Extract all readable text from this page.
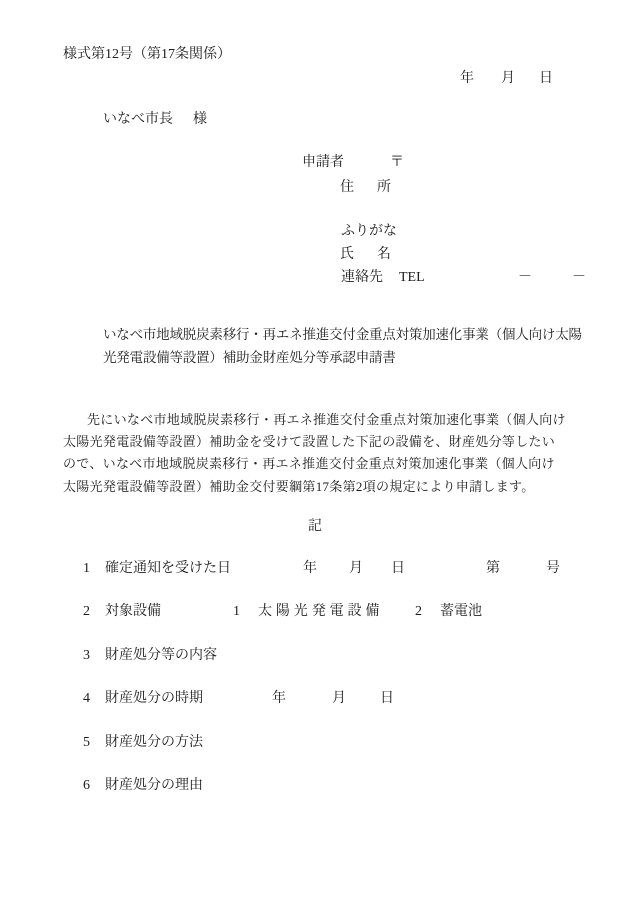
様式第12号（第17条関係）
年 月 日
いなべ市長 様
申請者	〒
住　所
ふりがな
氏　名
連絡先 TEL	－	－
いなべ市地域脱炭素移行・再エネ推進交付金重点対策加速化事業（個人向け太陽
光発電設備等設置）補助金財産処分等承認申請書
先にいなべ市地域脱炭素移行・再エネ推進交付金重点対策加速化事業（個人向け
太陽光発電設備等設置）補助金を受けて設置した下記の設備を、財産処分等したい
ので、いなべ市地域脱炭素移行・再エネ推進交付金重点対策加速化事業（個人向け
太陽光発電設備等設置）補助金交付要綱第17条第2項の規定により申請します。
記
1 確定通知を受けた日	年 月 日	第	号
2 対象設備	1 太陽光発電設備 2 蓄電池
3 財産処分等の内容
4 財産処分の時期	年	月 日
5 財産処分の方法
6 財産処分の理由
